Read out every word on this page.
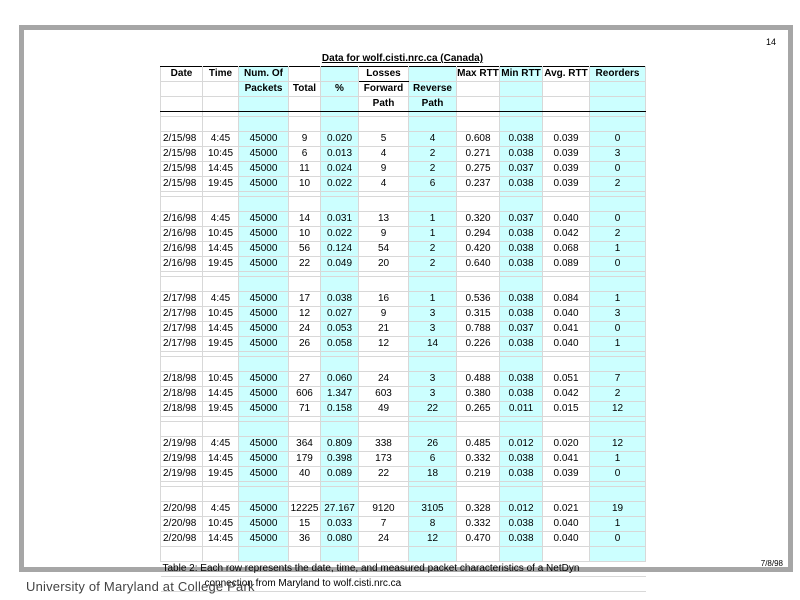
14
7/8/98
Data for wolf.cisti.nrc.ca (Canada)
Date	Time	Num. Of			Losses		Max RTT	Min RTT	Avg. RTT	Reorders
		Packets	Total	%	Forward	Reverse				
					Path	Path				

2/15/98	4:45	45000	9	0.020	5	4	0.608	0.038	0.039	0
2/15/98	10:45	45000	6	0.013	4	2	0.271	0.038	0.039	3
2/15/98	14:45	45000	11	0.024	9	2	0.275	0.037	0.039	0
2/15/98	19:45	45000	10	0.022	4	6	0.237	0.038	0.039	2

2/16/98	4:45	45000	14	0.031	13	1	0.320	0.037	0.040	0
2/16/98	10:45	45000	10	0.022	9	1	0.294	0.038	0.042	2
2/16/98	14:45	45000	56	0.124	54	2	0.420	0.038	0.068	1
2/16/98	19:45	45000	22	0.049	20	2	0.640	0.038	0.089	0

2/17/98	4:45	45000	17	0.038	16	1	0.536	0.038	0.084	1
2/17/98	10:45	45000	12	0.027	9	3	0.315	0.038	0.040	3
2/17/98	14:45	45000	24	0.053	21	3	0.788	0.037	0.041	0
2/17/98	19:45	45000	26	0.058	12	14	0.226	0.038	0.040	1

2/18/98	10:45	45000	27	0.060	24	3	0.488	0.038	0.051	7
2/18/98	14:45	45000	606	1.347	603	3	0.380	0.038	0.042	2
2/18/98	19:45	45000	71	0.158	49	22	0.265	0.011	0.015	12

2/19/98	4:45	45000	364	0.809	338	26	0.485	0.012	0.020	12
2/19/98	14:45	45000	179	0.398	173	6	0.332	0.038	0.041	1
2/19/98	19:45	45000	40	0.089	22	18	0.219	0.038	0.039	0

2/20/98	4:45	45000	12225	27.167	9120	3105	0.328	0.012	0.021	19
2/20/98	10:45	45000	15	0.033	7	8	0.332	0.038	0.040	1
2/20/98	14:45	45000	36	0.080	24	12	0.470	0.038	0.040	0

Table 2: Each row represents the date, time, and measured packet characteristics of a NetDyn										
connection from Maryland to wolf.cisti.nrc.ca										
University of Maryland at College Park
